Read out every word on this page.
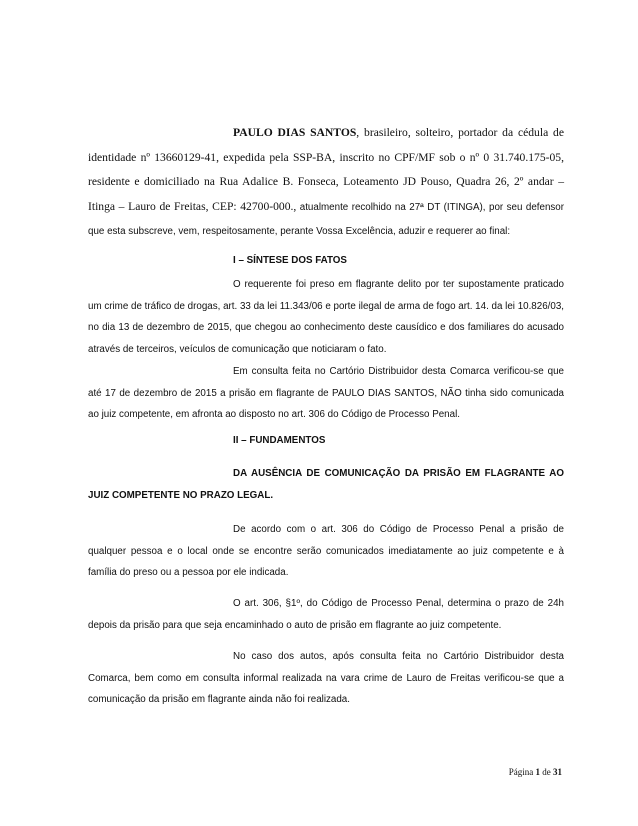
PAULO DIAS SANTOS, brasileiro, solteiro, portador da cédula de identidade nº 13660129-41, expedida pela SSP-BA, inscrito no CPF/MF sob o nº 0 31.740.175-05, residente e domiciliado na Rua Adalice B. Fonseca, Loteamento JD Pouso, Quadra 26, 2º andar – Itinga – Lauro de Freitas, CEP: 42700-000., atualmente recolhido na 27ª DT (ITINGA), por seu defensor que esta subscreve, vem, respeitosamente, perante Vossa Excelência, aduzir e requerer ao final:

I – SÍNTESE DOS FATOS

O requerente foi preso em flagrante delito por ter supostamente praticado um crime de tráfico de drogas, art. 33 da lei 11.343/06 e porte ilegal de arma de fogo art. 14. da lei 10.826/03, no dia 13 de dezembro de 2015, que chegou ao conhecimento deste causídico e dos familiares do acusado através de terceiros, veículos de comunicação que noticiaram o fato.

Em consulta feita no Cartório Distribuidor desta Comarca verificou-se que até 17 de dezembro de 2015 a prisão em flagrante de PAULO DIAS SANTOS, NÃO tinha sido comunicada ao juiz competente, em afronta ao disposto no art. 306 do Código de Processo Penal.

II – FUNDAMENTOS

DA AUSÊNCIA DE COMUNICAÇÃO DA PRISÃO EM FLAGRANTE AO JUIZ COMPETENTE NO PRAZO LEGAL.

De acordo com o art. 306 do Código de Processo Penal a prisão de qualquer pessoa e o local onde se encontre serão comunicados imediatamente ao juiz competente e à família do preso ou a pessoa por ele indicada.

O art. 306, §1º, do Código de Processo Penal, determina o prazo de 24h depois da prisão para que seja encaminhado o auto de prisão em flagrante ao juiz competente.

No caso dos autos, após consulta feita no Cartório Distribuidor desta Comarca, bem como em consulta informal realizada na vara crime de Lauro de Freitas verificou-se que a comunicação da prisão em flagrante ainda não foi realizada.

Página 1 de 31
